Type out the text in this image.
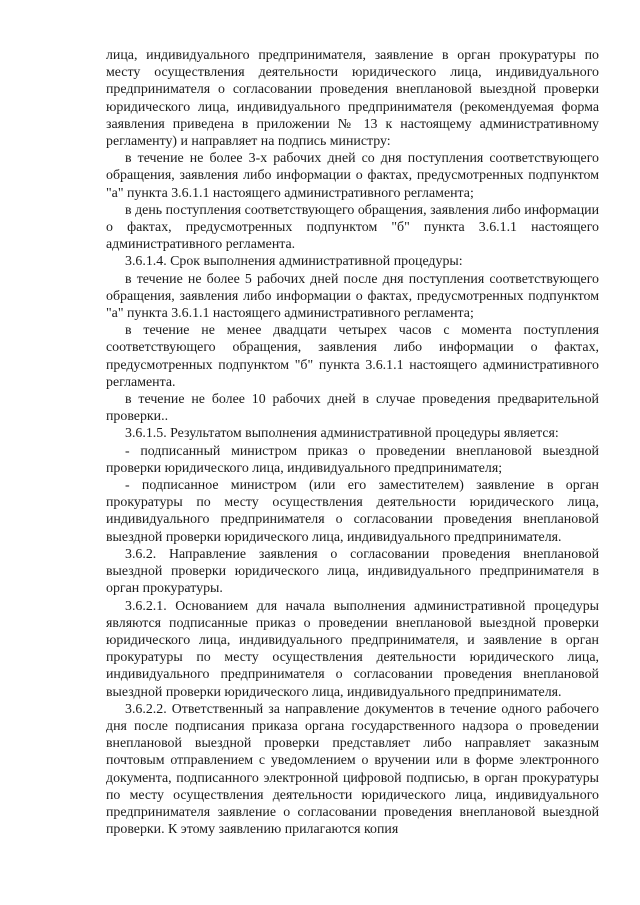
лица, индивидуального предпринимателя, заявление в орган прокуратуры по месту осуществления деятельности юридического лица, индивидуального предпринимателя о согласовании проведения внеплановой выездной проверки юридического лица, индивидуального предпринимателя (рекомендуемая форма заявления приведена в приложении № 13 к настоящему административному регламенту) и направляет на подпись министру:

в течение не более 3-х рабочих дней со дня поступления соответствующего обращения, заявления либо информации о фактах, предусмотренных подпунктом "а" пункта 3.6.1.1 настоящего административного регламента;

в день поступления соответствующего обращения, заявления либо информации о фактах, предусмотренных подпунктом "б" пункта 3.6.1.1 настоящего административного регламента.

3.6.1.4. Срок выполнения административной процедуры:

в течение не более 5 рабочих дней после дня поступления соответствующего обращения, заявления либо информации о фактах, предусмотренных подпунктом "а" пункта 3.6.1.1 настоящего административного регламента;

в течение не менее двадцати четырех часов с момента поступления соответствующего обращения, заявления либо информации о фактах, предусмотренных подпунктом "б" пункта 3.6.1.1 настоящего административного регламента.

в течение не более 10 рабочих дней в случае проведения предварительной проверки..

3.6.1.5. Результатом выполнения административной процедуры является:

- подписанный министром приказ о проведении внеплановой выездной проверки юридического лица, индивидуального предпринимателя;

- подписанное министром (или его заместителем) заявление в орган прокуратуры по месту осуществления деятельности юридического лица, индивидуального предпринимателя о согласовании проведения внеплановой выездной проверки юридического лица, индивидуального предпринимателя.

3.6.2. Направление заявления о согласовании проведения внеплановой выездной проверки юридического лица, индивидуального предпринимателя в орган прокуратуры.

3.6.2.1. Основанием для начала выполнения административной процедуры являются подписанные приказ о проведении внеплановой выездной проверки юридического лица, индивидуального предпринимателя, и заявление в орган прокуратуры по месту осуществления деятельности юридического лица, индивидуального предпринимателя о согласовании проведения внеплановой выездной проверки юридического лица, индивидуального предпринимателя.

3.6.2.2. Ответственный за направление документов в течение одного рабочего дня после подписания приказа органа государственного надзора о проведении внеплановой выездной проверки представляет либо направляет заказным почтовым отправлением с уведомлением о вручении или в форме электронного документа, подписанного электронной цифровой подписью, в орган прокуратуры по месту осуществления деятельности юридического лица, индивидуального предпринимателя заявление о согласовании проведения внеплановой выездной проверки. К этому заявлению прилагаются копия
